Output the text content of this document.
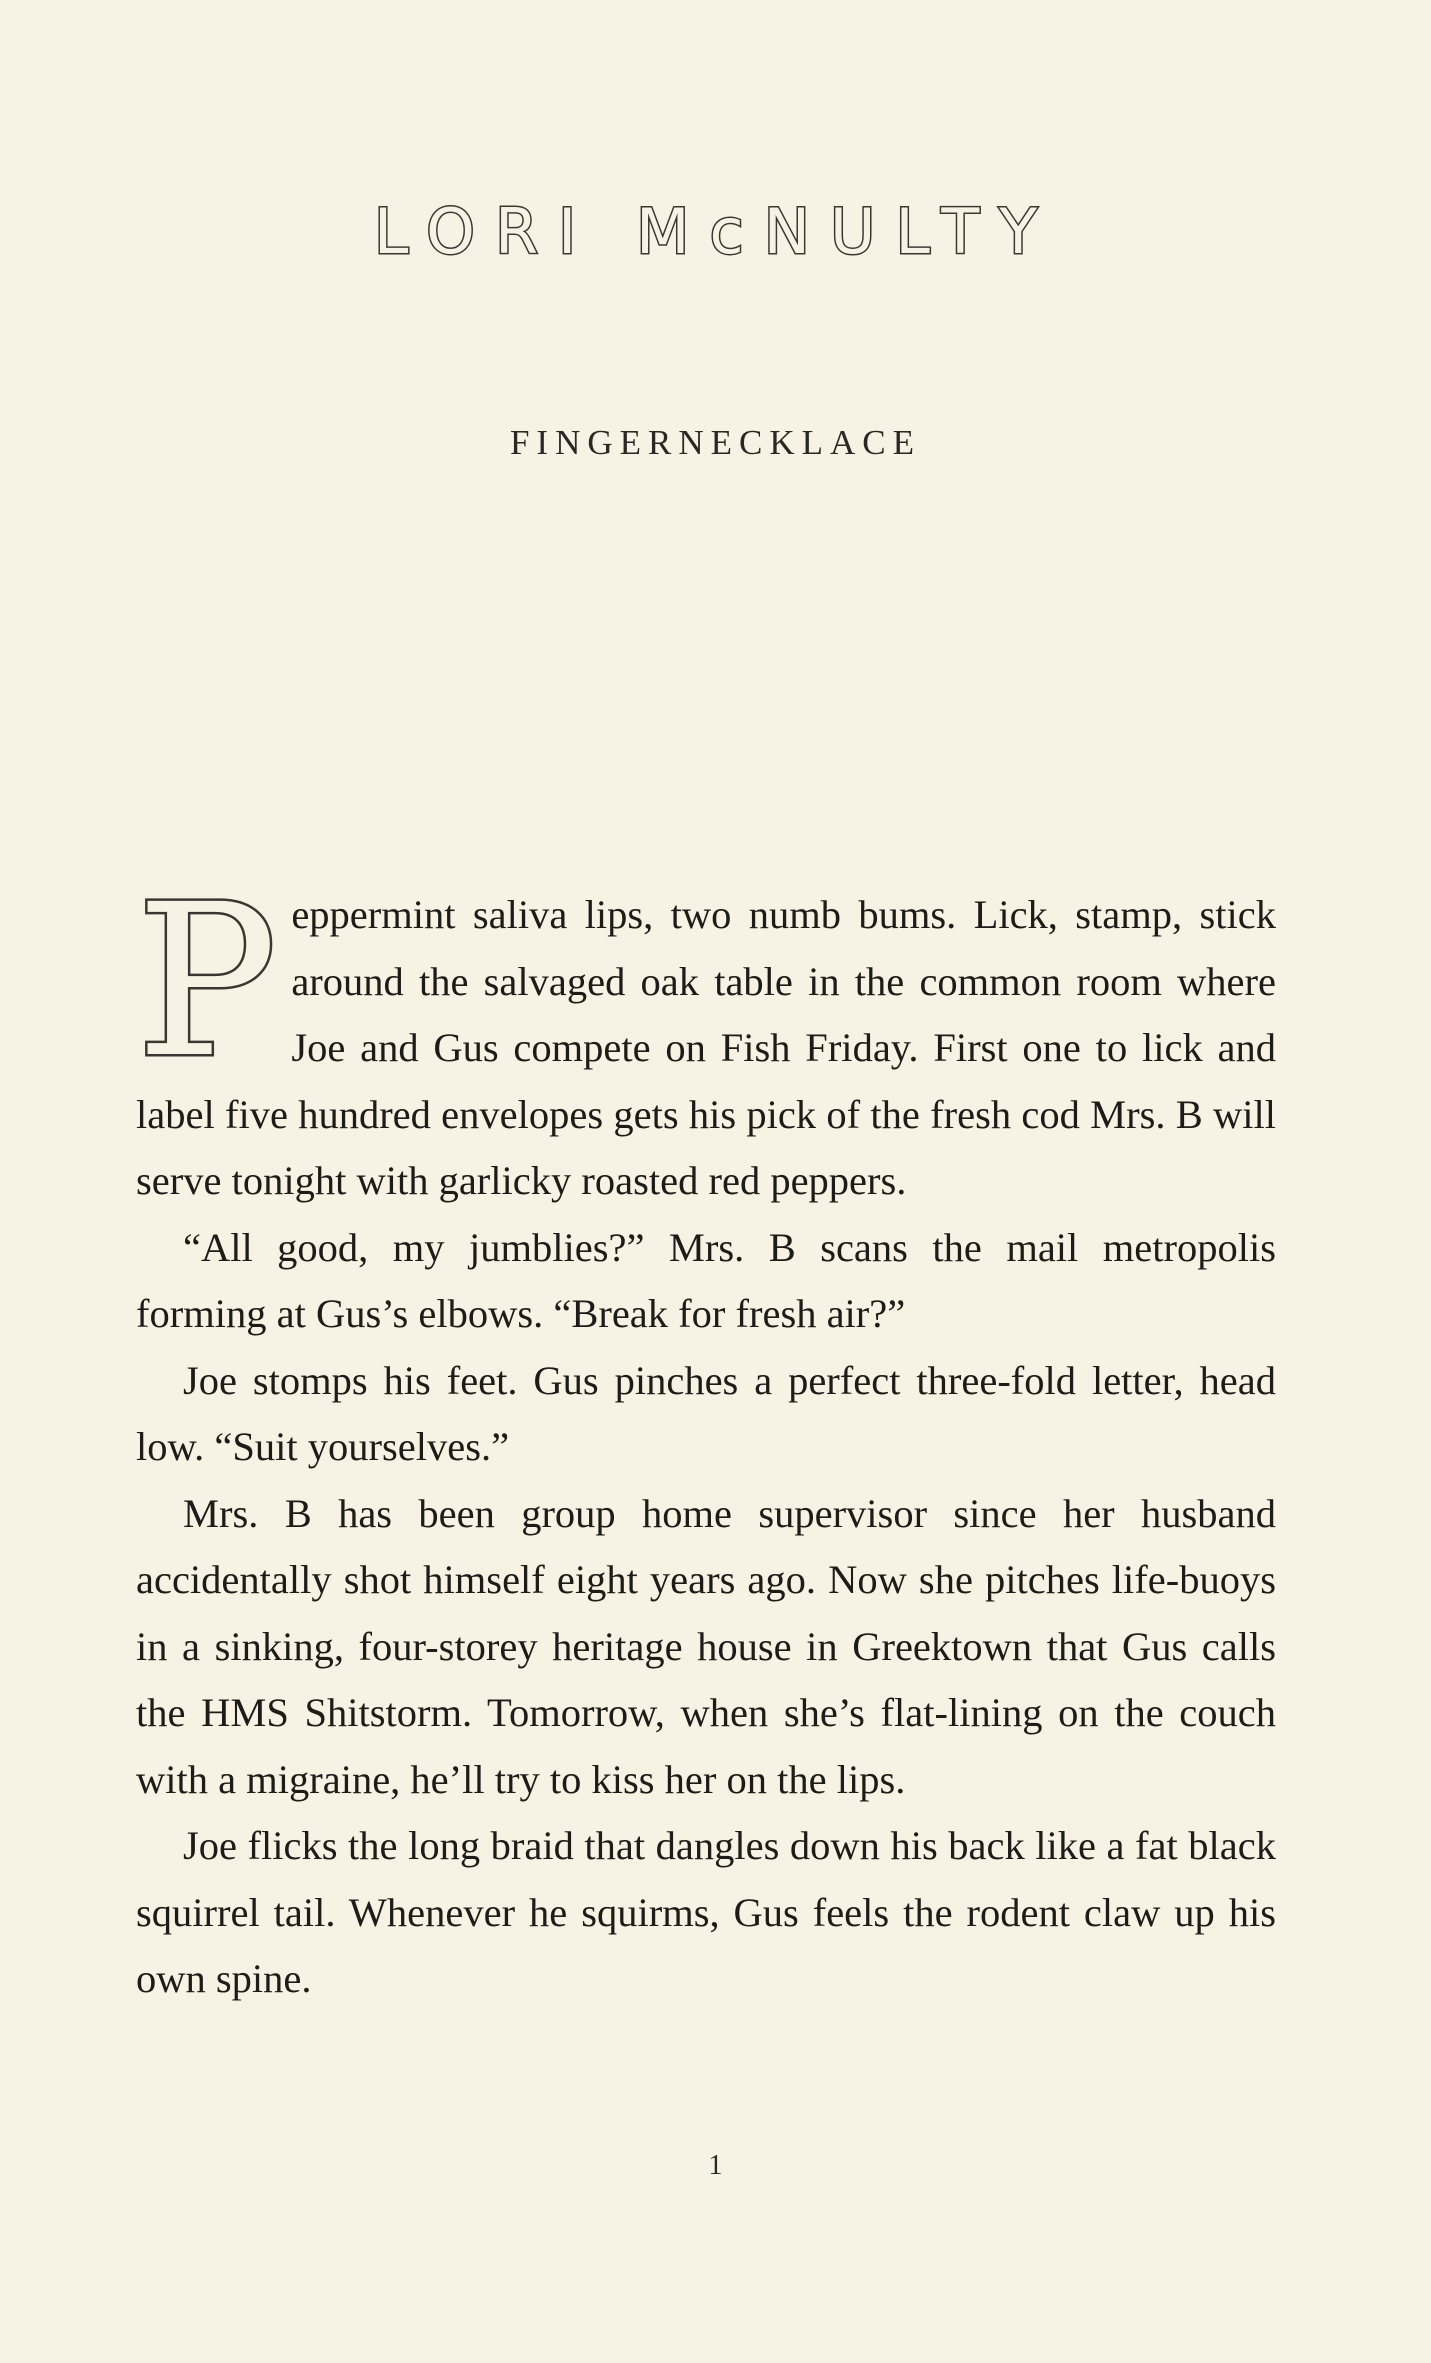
LORI McNULTY
FINGERNECKLACE

Peppermint saliva lips, two numb bums. Lick, stamp, stick around the salvaged oak table in the common room where Joe and Gus compete on Fish Friday. First one to lick and label five hundred envelopes gets his pick of the fresh cod Mrs. B will serve tonight with garlicky roasted red peppers.

“All good, my jumblies?” Mrs. B scans the mail metropolis forming at Gus’s elbows. “Break for fresh air?”

Joe stomps his feet. Gus pinches a perfect three-fold letter, head low. “Suit yourselves.”

Mrs. B has been group home supervisor since her husband accidentally shot himself eight years ago. Now she pitches life-buoys in a sinking, four-storey heritage house in Greektown that Gus calls the HMS Shitstorm. Tomorrow, when she’s flat-lining on the couch with a migraine, he’ll try to kiss her on the lips.

Joe flicks the long braid that dangles down his back like a fat black squirrel tail. Whenever he squirms, Gus feels the rodent claw up his own spine.

1
